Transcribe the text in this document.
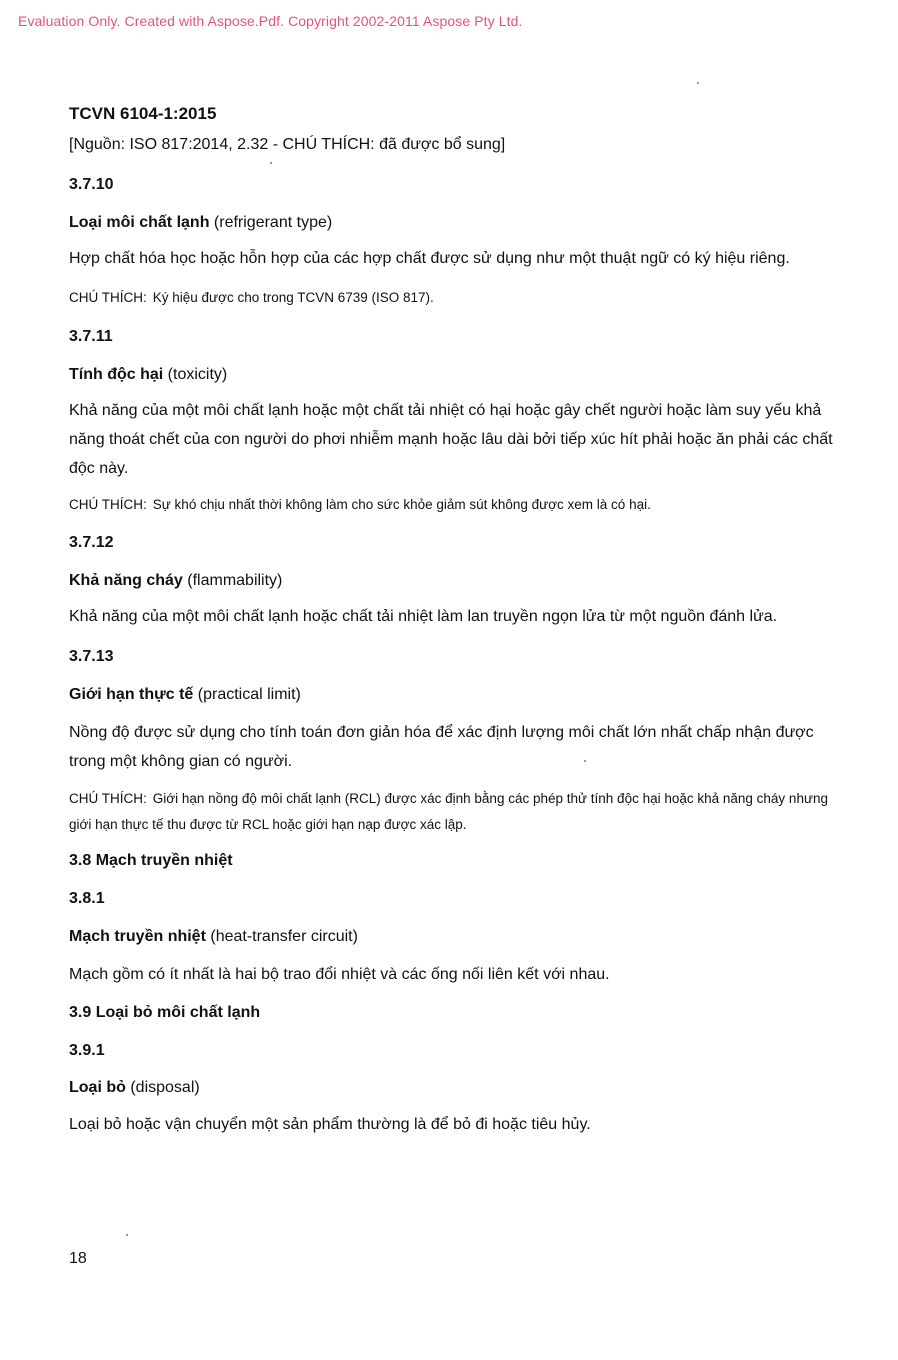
Evaluation Only. Created with Aspose.Pdf. Copyright 2002-2011 Aspose Pty Ltd.
TCVN 6104-1:2015
[Nguồn: ISO 817:2014, 2.32 - CHÚ THÍCH: đã được bổ sung]
3.7.10
Loại môi chất lạnh (refrigerant type)
Hợp chất hóa học hoặc hỗn hợp của các hợp chất được sử dụng như một thuật ngữ có ký hiệu riêng.
CHÚ THÍCH: Ký hiệu được cho trong TCVN 6739 (ISO 817).
3.7.11
Tính độc hại (toxicity)
Khả năng của một môi chất lạnh hoặc một chất tải nhiệt có hại hoặc gây chết người hoặc làm suy yếu khả năng thoát chết của con người do phơi nhiễm mạnh hoặc lâu dài bởi tiếp xúc hít phải hoặc ăn phải các chất độc này.
CHÚ THÍCH: Sự khó chịu nhất thời không làm cho sức khỏe giảm sút không được xem là có hại.
3.7.12
Khả năng cháy (flammability)
Khả năng của một môi chất lạnh hoặc chất tải nhiệt làm lan truyền ngọn lửa từ một nguồn đánh lửa.
3.7.13
Giới hạn thực tế (practical limit)
Nồng độ được sử dụng cho tính toán đơn giản hóa để xác định lượng môi chất lớn nhất chấp nhận được trong một không gian có người.
CHÚ THÍCH: Giới hạn nồng độ môi chất lạnh (RCL) được xác định bằng các phép thử tính độc hại hoặc khả năng cháy nhưng giới hạn thực tế thu được từ RCL hoặc giới hạn nạp được xác lập.
3.8 Mạch truyền nhiệt
3.8.1
Mạch truyền nhiệt (heat-transfer circuit)
Mạch gồm có ít nhất là hai bộ trao đổi nhiệt và các ống nối liên kết với nhau.
3.9 Loại bỏ môi chất lạnh
3.9.1
Loại bỏ (disposal)
Loại bỏ hoặc vận chuyển một sản phẩm thường là để bỏ đi hoặc tiêu hủy.
18
